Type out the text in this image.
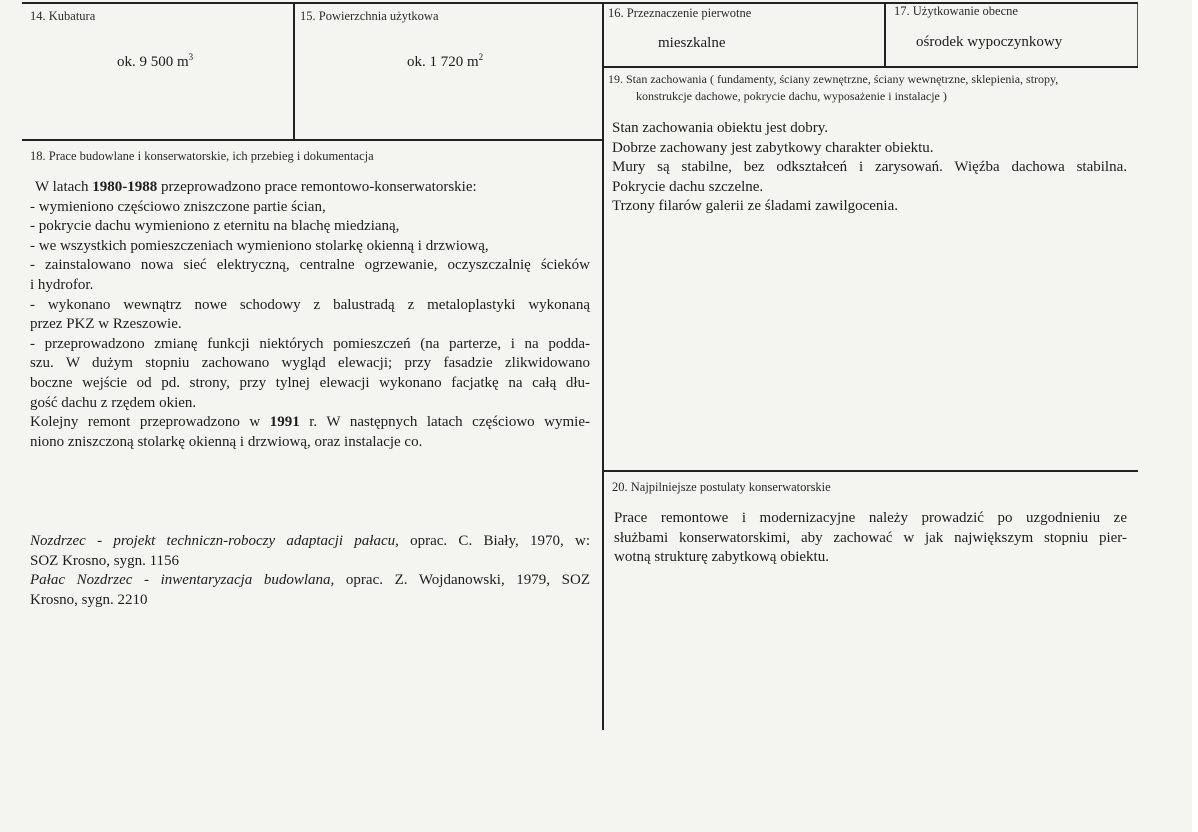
14. Kubatura
ok. 9 500 $m^3$
15. Powierzchnia użytkowa
ok. 1 720 $m^2$
16. Przeznaczenie pierwotne
mieszkalne
17. Użytkowanie obecne
ośrodek wypoczynkowy
18. Prace budowlane i konserwatorskie, ich przebieg i dokumentacja
W latach 1980-1988 przeprowadzono prace remontowo-konserwatorskie:
- wymieniono częściowo zniszczone partie ścian,
- pokrycie dachu wymieniono z eternitu na blachę miedzianą,
- we wszystkich pomieszczeniach wymieniono stolarkę okienną i drzwiową,
- zainstalowano nowa sieć elektryczną, centralne ogrzewanie, oczyszczalnię ścieków
i hydrofor.
- wykonano wewnątrz nowe schodowy z balustradą z metaloplastyki wykonaną
przez PKZ w Rzeszowie.
- przeprowadzono zmianę funkcji niektórych pomieszczeń (na parterze, i na podda-
szu. W dużym stopniu zachowano wygląd elewacji; przy fasadzie zlikwidowano
boczne wejście od pd. strony, przy tylnej elewacji wykonano facjatkę na całą dłu-
gość dachu z rzędem okien.
Kolejny remont przeprowadzono w 1991 r. W następnych latach częściowo wymie-
niono zniszczoną stolarkę okienną i drzwiową, oraz instalacje co.
Nozdrzec - projekt techniczn-roboczy adaptacji pałacu, oprac. C. Biały, 1970, w:
SOZ Krosno, sygn. 1156
Pałac Nozdrzec - inwentaryzacja budowlana, oprac. Z. Wojdanowski, 1979, SOZ
Krosno, sygn. 2210
19. Stan zachowania ( fundamenty, ściany zewnętrzne, ściany wewnętrzne, sklepienia, stropy,
konstrukcje dachowe, pokrycie dachu, wyposażenie i instalacje )
Stan zachowania obiektu jest dobry.
Dobrze zachowany jest zabytkowy charakter obiektu.
Mury są stabilne, bez odkształceń i zarysowań. Więźba dachowa stabilna.
Pokrycie dachu szczelne.
Trzony filarów galerii ze śladami zawilgocenia.
20. Najpilniejsze postulaty konserwatorskie
Prace remontowe i modernizacyjne należy prowadzić po uzgodnieniu ze
służbami konserwatorskimi, aby zachować w jak największym stopniu pier-
wotną strukturę zabytkową obiektu.
